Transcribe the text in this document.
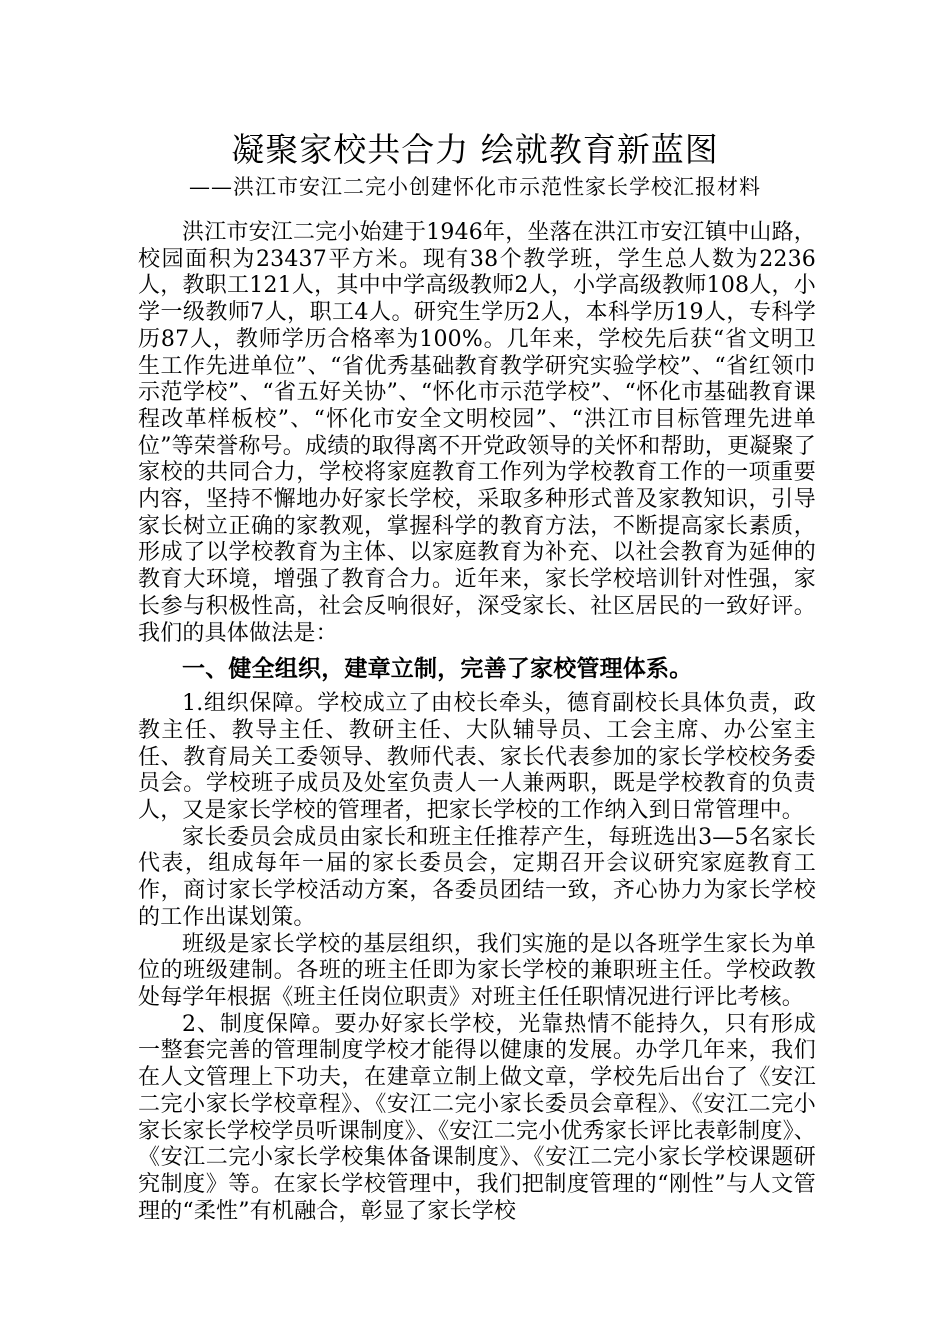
凝聚家校共合力 绘就教育新蓝图
——洪江市安江二完小创建怀化市示范性家长学校汇报材料

洪江市安江二完小始建于1946年，坐落在洪江市安江镇中山路，校园面积为23437平方米。现有38个教学班，学生总人数为2236人，教职工121人，其中中学高级教师2人，小学高级教师108人，小学一级教师7人，职工4人。研究生学历2人，本科学历19人，专科学历87人，教师学历合格率为100%。几年来，学校先后获“省文明卫生工作先进单位”、“省优秀基础教育教学研究实验学校”、“省红领巾示范学校”、“省五好关协”、“怀化市示范学校”、“怀化市基础教育课程改革样板校”、“怀化市安全文明校园”、“洪江市目标管理先进单位”等荣誉称号。成绩的取得离不开党政领导的关怀和帮助，更凝聚了家校的共同合力，学校将家庭教育工作列为学校教育工作的一项重要内容，坚持不懈地办好家长学校，采取多种形式普及家教知识，引导家长树立正确的家教观，掌握科学的教育方法，不断提高家长素质，形成了以学校教育为主体、以家庭教育为补充、以社会教育为延伸的教育大环境，增强了教育合力。近年来，家长学校培训针对性强，家长参与积极性高，社会反响很好，深受家长、社区居民的一致好评。我们的具体做法是：

一、健全组织，建章立制，完善了家校管理体系。

1.组织保障。学校成立了由校长牵头，德育副校长具体负责，政教主任、教导主任、教研主任、大队辅导员、工会主席、办公室主任、教育局关工委领导、教师代表、家长代表参加的家长学校校务委员会。学校班子成员及处室负责人一人兼两职，既是学校教育的负责人，又是家长学校的管理者，把家长学校的工作纳入到日常管理中。

家长委员会成员由家长和班主任推荐产生，每班选出3—5名家长代表，组成每年一届的家长委员会，定期召开会议研究家庭教育工作，商讨家长学校活动方案，各委员团结一致，齐心协力为家长学校的工作出谋划策。

班级是家长学校的基层组织，我们实施的是以各班学生家长为单位的班级建制。各班的班主任即为家长学校的兼职班主任。学校政教处每学年根据《班主任岗位职责》对班主任任职情况进行评比考核。

2、制度保障。要办好家长学校，光靠热情不能持久，只有形成一整套完善的管理制度学校才能得以健康的发展。办学几年来，我们在人文管理上下功夫，在建章立制上做文章，学校先后出台了《安江二完小家长学校章程》、《安江二完小家长委员会章程》、《安江二完小家长家长学校学员听课制度》、《安江二完小优秀家长评比表彰制度》、《安江二完小家长学校集体备课制度》、《安江二完小家长学校课题研究制度》等。在家长学校管理中，我们把制度管理的“刚性”与人文管理的“柔性”有机融合，彰显了家长学校
